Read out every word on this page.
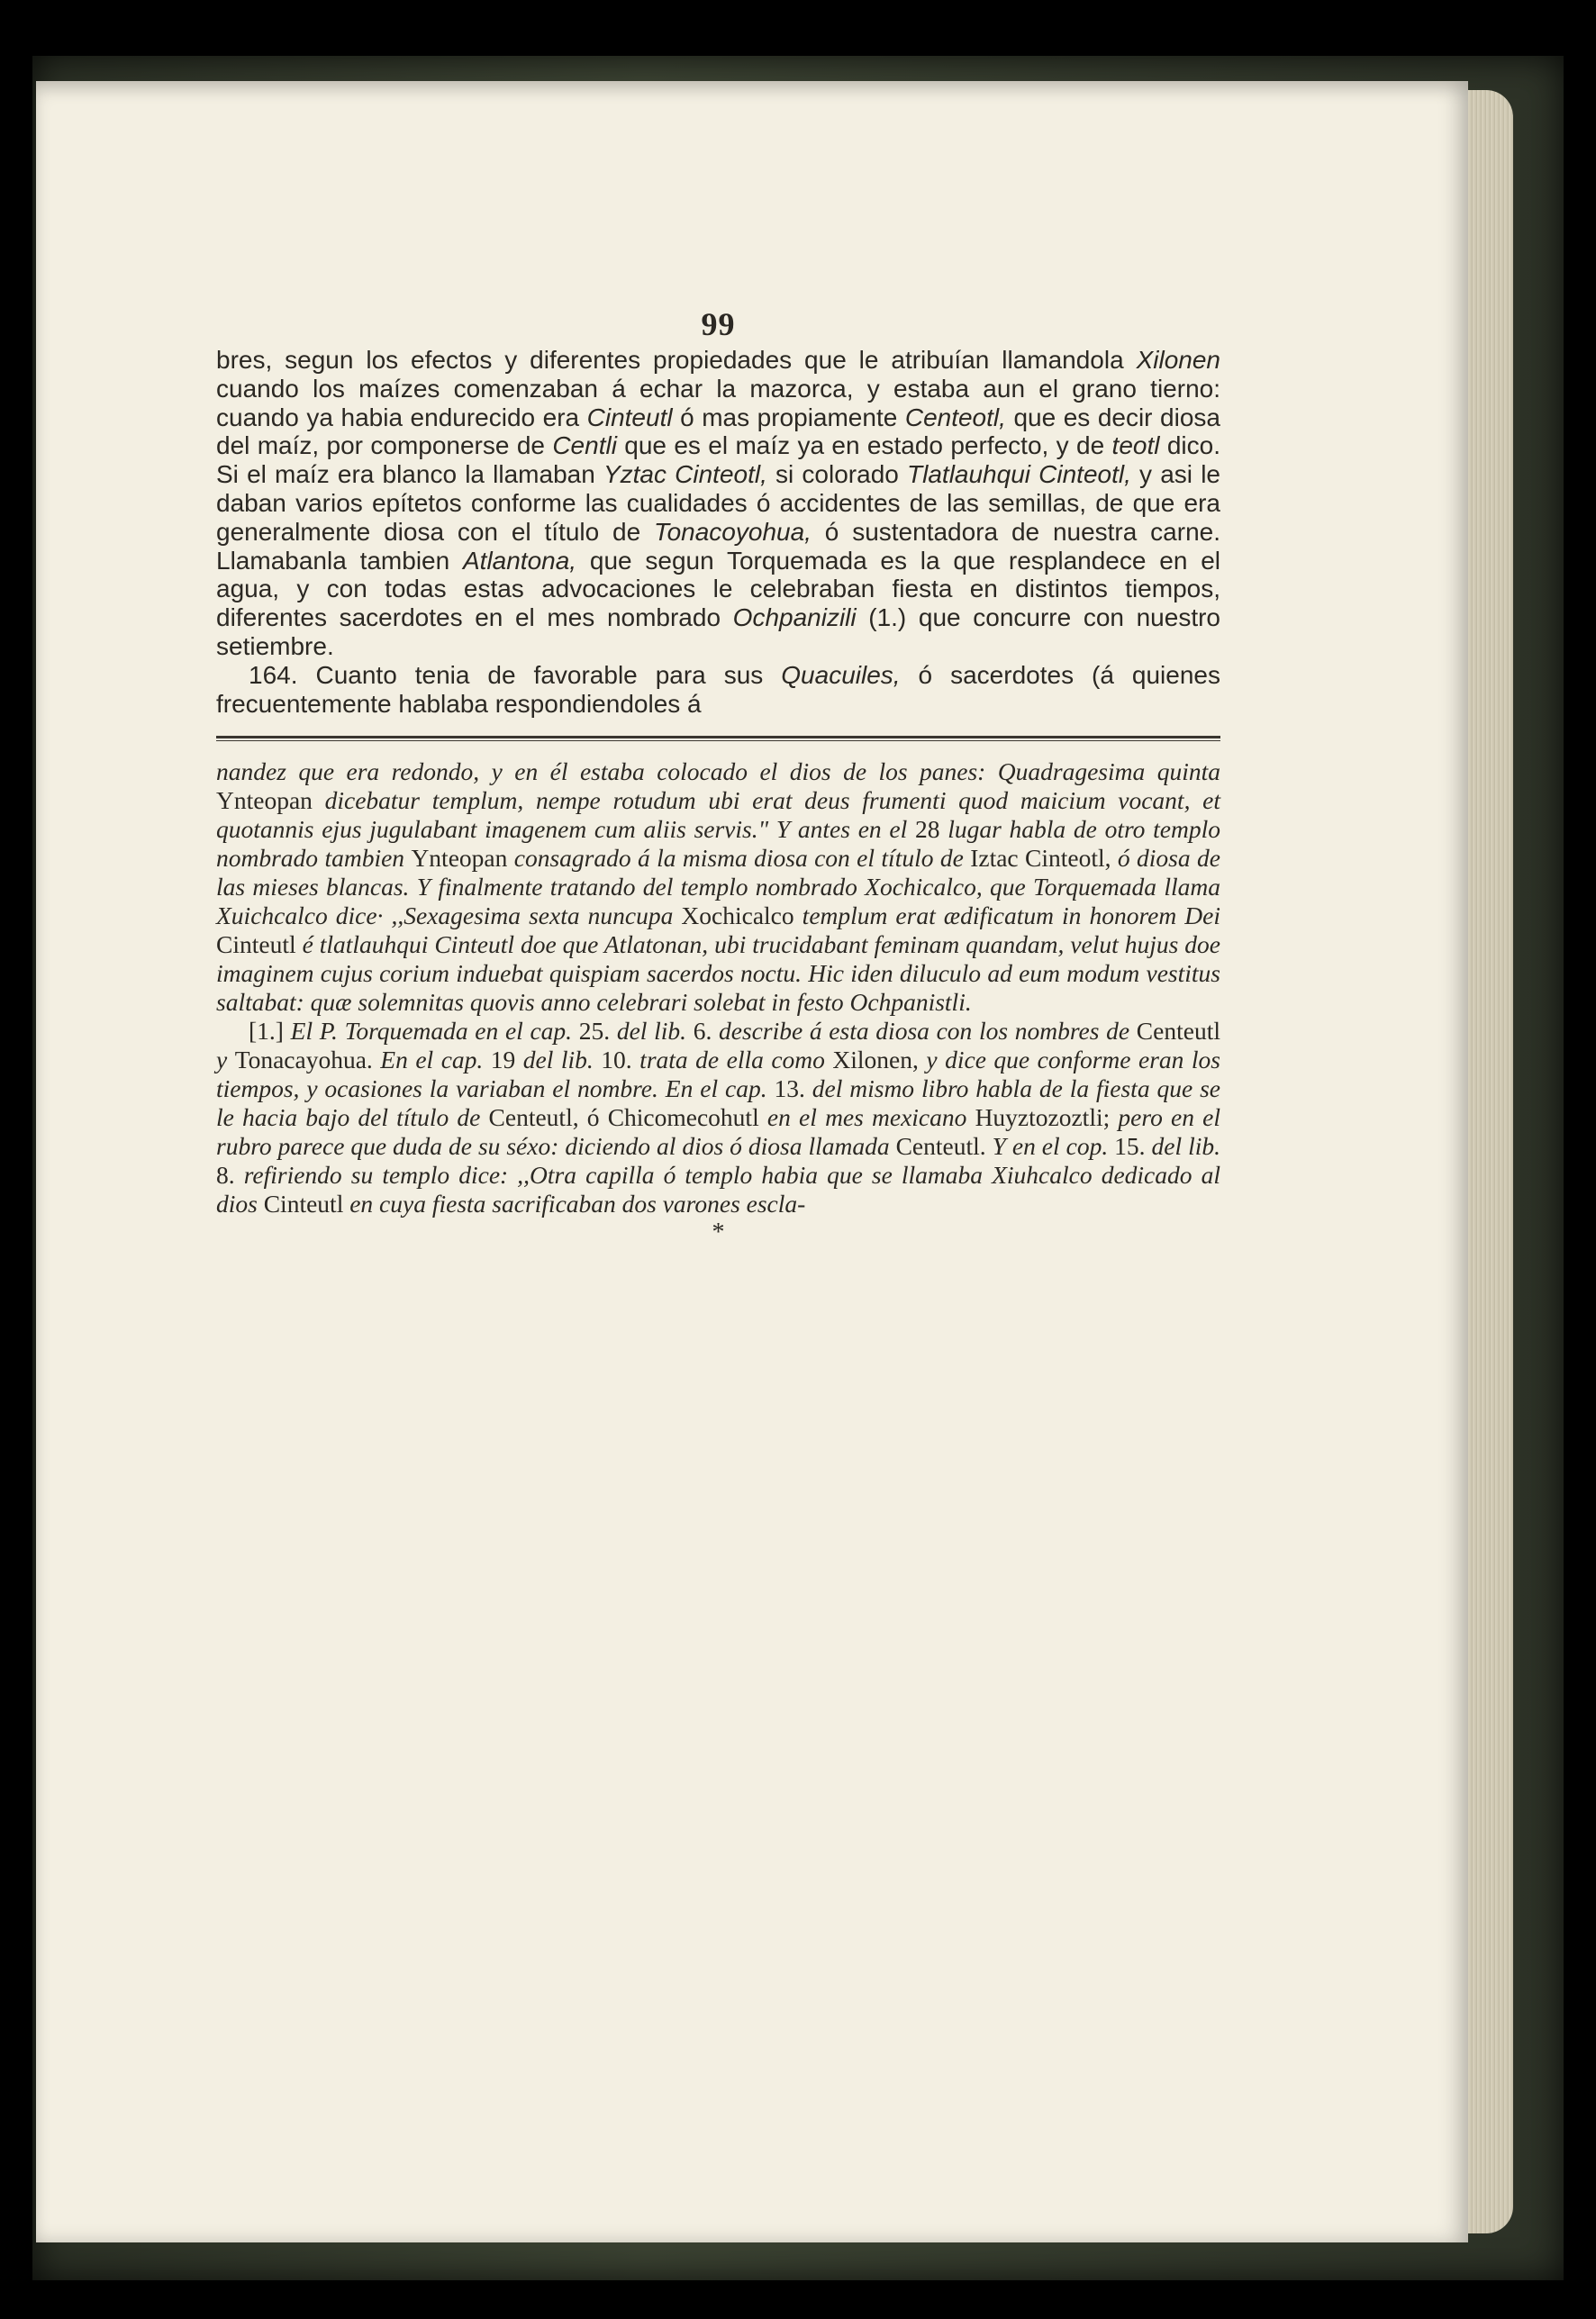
99

bres, segun los efectos y diferentes propiedades que le atribuían llamandola Xilonen cuando los maízes comenzaban á echar la mazorca, y estaba aun el grano tierno: cuando ya habia endurecido era Cinteutl ó mas propiamente Centeotl, que es decir diosa del maíz, por componerse de Centli que es el maíz ya en estado perfecto, y de teotl dico. Si el maíz era blanco la llamaban Yztac Cinteotl, si colorado Tlatlauhqui Cinteotl, y asi le daban varios epítetos conforme las cualidades ó accidentes de las semillas, de que era generalmente diosa con el título de Tonacoyohua, ó sustentadora de nuestra carne. Llamabanla tambien Atlantona, que segun Torquemada es la que resplandece en el agua, y con todas estas advocaciones le celebraban fiesta en distintos tiempos, diferentes sacerdotes en el mes nombrado Ochpanizili (1.) que concurre con nuestro setiembre.

164. Cuanto tenia de favorable para sus Quacuiles, ó sacerdotes (á quienes frecuentemente hablaba respondiendoles á

nandez que era redondo, y en él estaba colocado el dios de los panes: Quadragesima quinta Ynteopan dicebatur templum, nempe rotudum ubi erat deus frumenti quod maicium vocant, et quotannis ejus jugulabant imagenem cum aliis servis." Y antes en el 28 lugar habla de otro templo nombrado tambien Ynteopan consagrado á la misma diosa con el título de Iztac Cinteotl, ó diosa de las mieses blancas. Y finalmente tratando del templo nombrado Xochicalco, que Torquemada llama Xuichcalco dice· ,,Sexagesima sexta nuncupa Xochicalco templum erat ædificatum in honorem Dei Cinteutl é tlatlauhqui Cinteutl doe que Atlatonan, ubi trucidabant feminam quandam, velut hujus doe imaginem cujus corium induebat quispiam sacerdos noctu. Hic iden diluculo ad eum modum vestitus saltabat: quæ solemnitas quovis anno celebrari solebat in festo Ochpanistli.

[1.] El P. Torquemada en el cap. 25. del lib. 6. describe á esta diosa con los nombres de Centeutl y Tonacayohua. En el cap. 19 del lib. 10. trata de ella como Xilonen, y dice que conforme eran los tiempos, y ocasiones la variaban el nombre. En el cap. 13. del mismo libro habla de la fiesta que se le hacia bajo del título de Centeutl, ó Chicomecohutl en el mes mexicano Huyztozoztli; pero en el rubro parece que duda de su séxo: diciendo al dios ó diosa llamada Centeutl. Y en el cop. 15. del lib. 8. refiriendo su templo dice: ,,Otra capilla ó templo habia que se llamaba Xiuhcalco dedicado al dios Cinteutl en cuya fiesta sacrificaban dos varones escla-

*
